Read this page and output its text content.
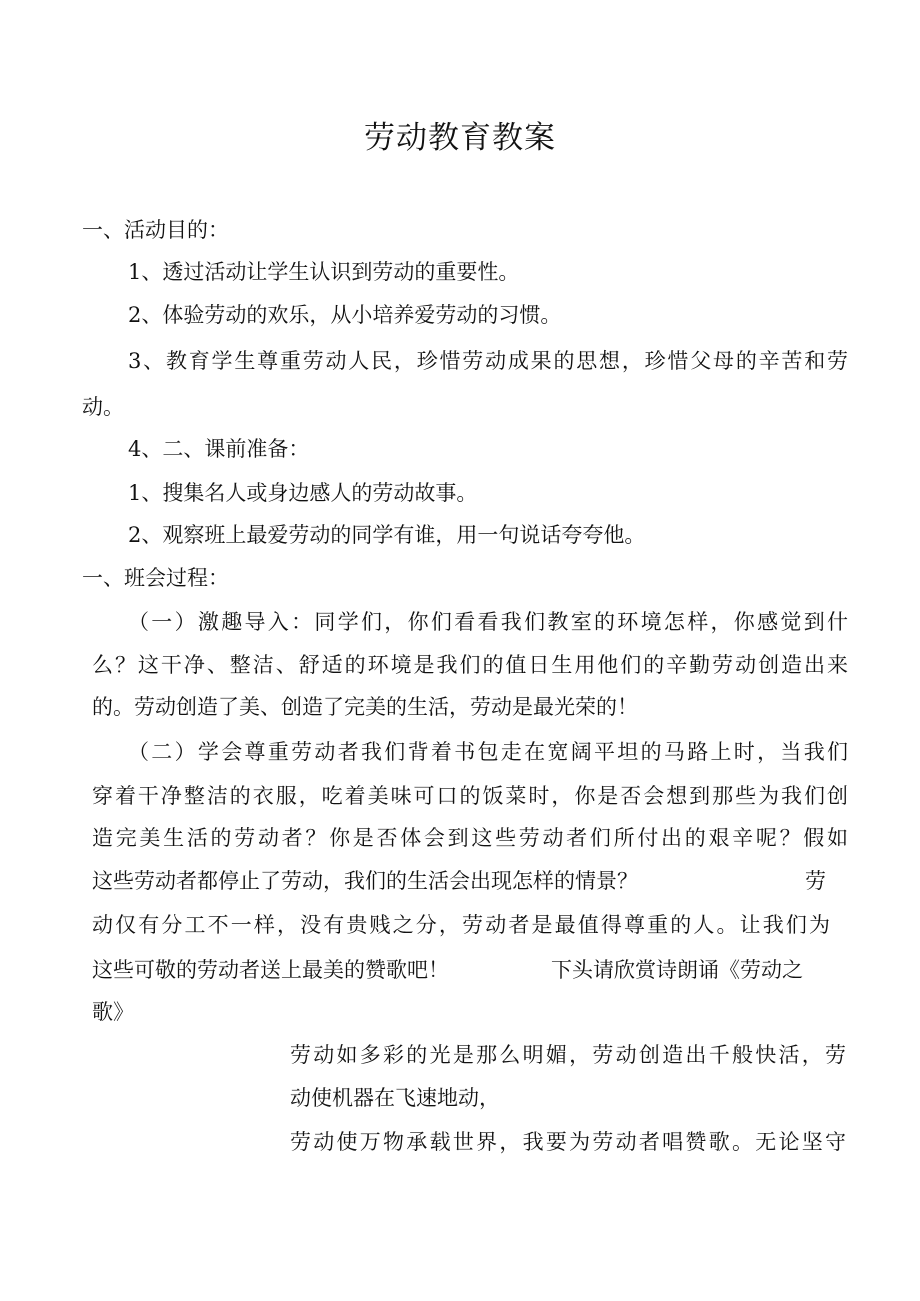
劳动教育教案
一、活动目的：
1、透过活动让学生认识到劳动的重要性。
2、体验劳动的欢乐，从小培养爱劳动的习惯。
3、教育学生尊重劳动人民，珍惜劳动成果的思想，珍惜父母的辛苦和劳
动。
4、二、课前准备：
1、搜集名人或身边感人的劳动故事。
2、观察班上最爱劳动的同学有谁，用一句说话夸夸他。
一、班会过程：
（一）激趣导入：同学们，你们看看我们教室的环境怎样，你感觉到什
么？这干净、整洁、舒适的环境是我们的值日生用他们的辛勤劳动创造出来
的。劳动创造了美、创造了完美的生活，劳动是最光荣的！
（二）学会尊重劳动者我们背着书包走在宽阔平坦的马路上时，当我们
穿着干净整洁的衣服，吃着美味可口的饭菜时，你是否会想到那些为我们创
造完美生活的劳动者？你是否体会到这些劳动者们所付出的艰辛呢？假如
这些劳动者都停止了劳动，我们的生活会出现怎样的情景？	劳
动仅有分工不一样，没有贵贱之分，劳动者是最值得尊重的人。让我们为
这些可敬的劳动者送上最美的赞歌吧！	下头请欣赏诗朗诵《劳动之
歌》
劳动如多彩的光是那么明媚，劳动创造出千般快活，劳
动使机器在飞速地动，
劳动使万物承载世界，我要为劳动者唱赞歌。无论坚守
